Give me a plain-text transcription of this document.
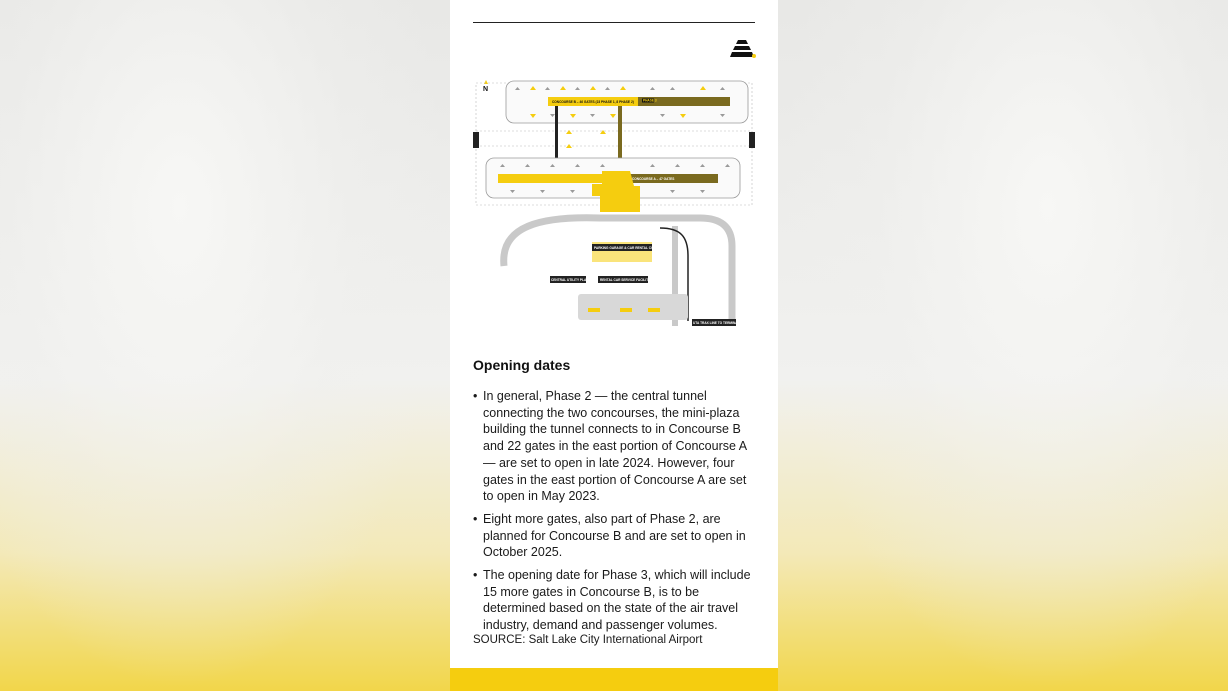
N
CONCOURSE B – 46 GATES (23 PHASE 1, 8 PHASE 2)	PHASE 3
CONCOURSE A – 47 GATES
PARKING GARAGE & CAR RENTAL COUNTERS
RENTAL CAR SERVICE FACILITIES
CENTRAL UTILITY PLANT
UTA TRAX LINE TO TERMINAL
Opening dates
• In general, Phase 2 — the central tunnel connecting the two concourses, the mini-plaza building the tunnel connects to in Concourse B and 22 gates in the east portion of Concourse A — are set to open in late 2024. However, four gates in the east portion of Concourse A are set to open in May 2023.
• Eight more gates, also part of Phase 2, are planned for Concourse B and are set to open in October 2025.
• The opening date for Phase 3, which will include 15 more gates in Concourse B, is to be determined based on the state of the air travel industry, demand and passenger volumes.
SOURCE: Salt Lake City International Airport
